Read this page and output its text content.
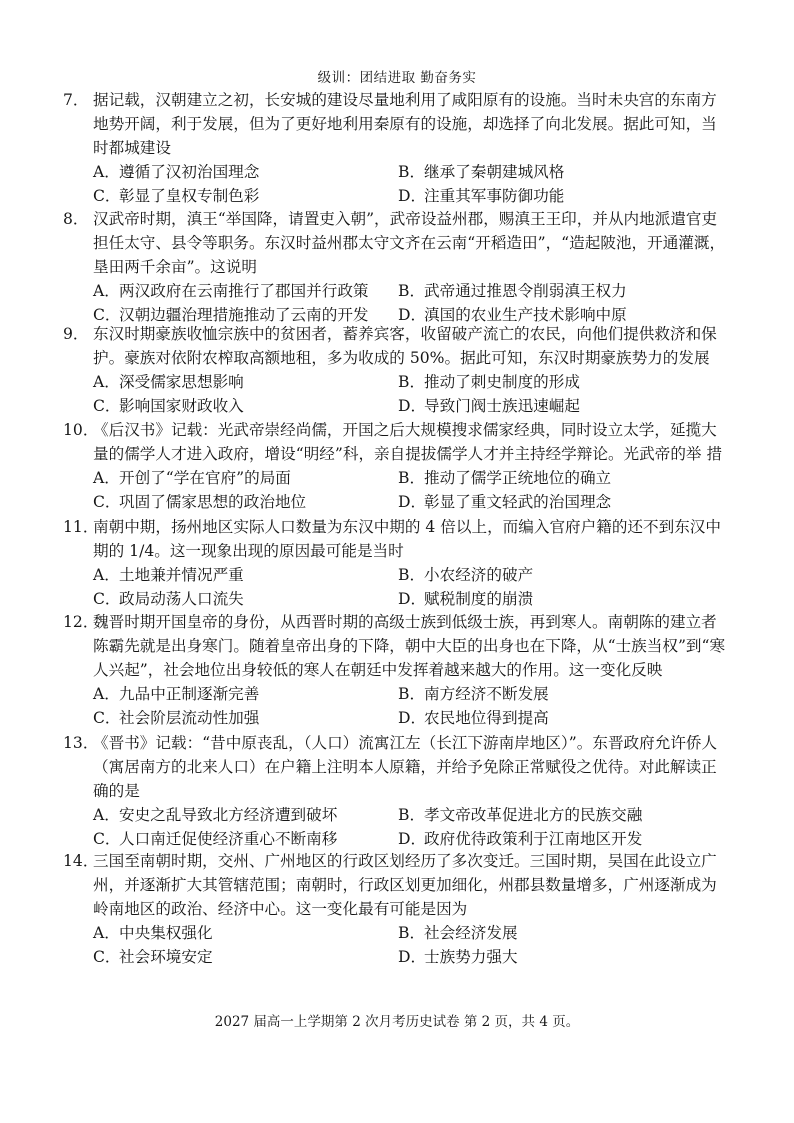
级训：团结进取 勤奋务实
7． 据记载，汉朝建立之初，长安城的建设尽量地利用了咸阳原有的设施。当时未央宫的东南方地势开阔，利于发展，但为了更好地利用秦原有的设施，却选择了向北发展。据此可知，当时都城建设
A．遵循了汉初治国理念	B．继承了秦朝建城风格
C．彰显了皇权专制色彩	D．注重其军事防御功能
8． 汉武帝时期，滇王“举国降，请置吏入朝”，武帝设益州郡，赐滇王王印，并从内地派遣官吏担任太守、县令等职务。东汉时益州郡太守文齐在云南“开稻造田”，“造起陂池，开通灌溉，垦田两千余亩”。这说明
A．两汉政府在云南推行了郡国并行政策 B．武帝通过推恩令削弱滇王权力
C．汉朝边疆治理措施推动了云南的开发 D．滇国的农业生产技术影响中原
9． 东汉时期豪族收恤宗族中的贫困者，蓄养宾客，收留破产流亡的农民，向他们提供救济和保护。豪族对依附农榨取高额地租，多为收成的 50%。据此可知，东汉时期豪族势力的发展
A．深受儒家思想影响	B．推动了刺史制度的形成
C．影响国家财政收入	D．导致门阀士族迅速崛起
10．《后汉书》记载：光武帝崇经尚儒，开国之后大规模搜求儒家经典，同时设立太学，延揽大量的儒学人才进入政府，增设“明经”科，亲自提拔儒学人才并主持经学辩论。光武帝的举 措
A．开创了“学在官府”的局面	B．推动了儒学正统地位的确立
C．巩固了儒家思想的政治地位	D．彰显了重文轻武的治国理念
11．南朝中期，扬州地区实际人口数量为东汉中期的 4 倍以上，而编入官府户籍的还不到东汉中期的 1/4。这一现象出现的原因最可能是当时
A．土地兼并情况严重	B．小农经济的破产
C．政局动荡人口流失	D．赋税制度的崩溃
12．魏晋时期开国皇帝的身份，从西晋时期的高级士族到低级士族，再到寒人。南朝陈的建立者陈霸先就是出身寒门。随着皇帝出身的下降，朝中大臣的出身也在下降，从“士族当权”到“寒人兴起”，社会地位出身较低的寒人在朝廷中发挥着越来越大的作用。这一变化反映
A．九品中正制逐渐完善	B．南方经济不断发展
C．社会阶层流动性加强	D．农民地位得到提高
13．《晋书》记载：“昔中原丧乱，（人口）流寓江左（长江下游南岸地区）”。东晋政府允许侨人（寓居南方的北来人口）在户籍上注明本人原籍，并给予免除正常赋役之优待。对此解读正 确的是
A．安史之乱导致北方经济遭到破坏	B．孝文帝改革促进北方的民族交融
C．人口南迁促使经济重心不断南移	D．政府优待政策利于江南地区开发
14．三国至南朝时期，交州、广州地区的行政区划经历了多次变迁。三国时期，吴国在此设立广州，并逐渐扩大其管辖范围；南朝时，行政区划更加细化，州郡县数量增多，广州逐渐成为岭南地区的政治、经济中心。这一变化最有可能是因为
A．中央集权强化	B．社会经济发展
C．社会环境安定	D．士族势力强大
2027 届高一上学期第 2 次月考历史试卷 第 2 页，共 4 页。
